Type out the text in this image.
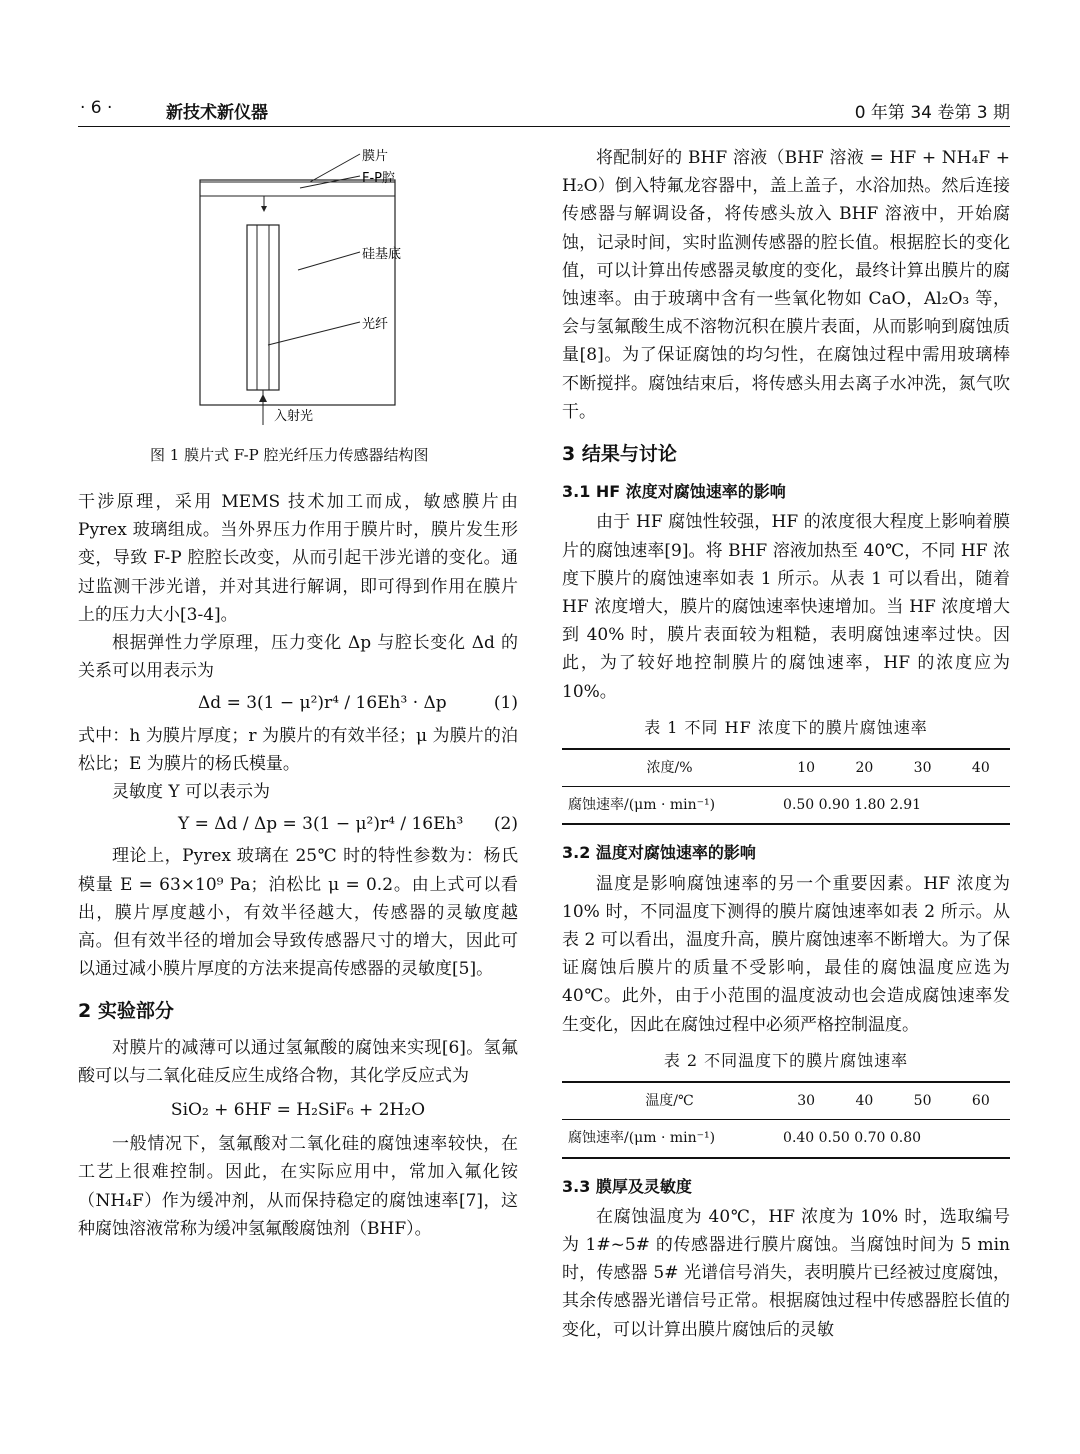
· 6 ·	新技术新仪器	0 年第 34 卷第 3 期
膜片
F-P腔
硅基底
光纤
入射光
图 1 膜片式 F-P 腔光纤压力传感器结构图

干涉原理，采用 MEMS 技术加工而成，敏感膜片由 Pyrex 玻璃组成。当外界压力作用于膜片时，膜片发生形变，导致 F-P 腔腔长改变，从而引起干涉光谱的变化。通过监测干涉光谱，并对其进行解调，即可得到作用在膜片上的压力大小[3-4]。

根据弹性力学原理，压力变化 Δp 与腔长变化 Δd 的关系可以用表示为

Δd = 3(1 − μ²)r⁴ / 16Eh³ · Δp	(1)

式中：h 为膜片厚度；r 为膜片的有效半径；μ 为膜片的泊松比；E 为膜片的杨氏模量。

灵敏度 Y 可以表示为

Y = Δd / Δp = 3(1 − μ²)r⁴ / 16Eh³ (2)

理论上，Pyrex 玻璃在 25℃ 时的特性参数为：杨氏模量 E = 63×10⁹ Pa；泊松比 μ = 0.2。由上式可以看出，膜片厚度越小，有效半径越大，传感器的灵敏度越高。但有效半径的增加会导致传感器尺寸的增大，因此可以通过减小膜片厚度的方法来提高传感器的灵敏度[5]。

2 实验部分

对膜片的减薄可以通过氢氟酸的腐蚀来实现[6]。氢氟酸可以与二氧化硅反应生成络合物，其化学反应式为

SiO₂ + 6HF = H₂SiF₆ + 2H₂O

一般情况下，氢氟酸对二氧化硅的腐蚀速率较快，在工艺上很难控制。因此，在实际应用中，常加入氟化铵（NH₄F）作为缓冲剂，从而保持稳定的腐蚀速率[7]，这种腐蚀溶液常称为缓冲氢氟酸腐蚀剂（BHF）。

将配制好的 BHF 溶液（BHF 溶液 = HF + NH₄F + H₂O）倒入特氟龙容器中，盖上盖子，水浴加热。然后连接传感器与解调设备，将传感头放入 BHF 溶液中，开始腐蚀，记录时间，实时监测传感器的腔长值。根据腔长的变化值，可以计算出传感器灵敏度的变化，最终计算出膜片的腐蚀速率。由于玻璃中含有一些氧化物如 CaO，Al₂O₃ 等，会与氢氟酸生成不溶物沉积在膜片表面，从而影响到腐蚀质量[8]。为了保证腐蚀的均匀性，在腐蚀过程中需用玻璃棒不断搅拌。腐蚀结束后，将传感头用去离子水冲洗，氮气吹干。

3 结果与讨论
3.1 HF 浓度对腐蚀速率的影响

由于 HF 腐蚀性较强，HF 的浓度很大程度上影响着膜片的腐蚀速率[9]。将 BHF 溶液加热至 40℃，不同 HF 浓度下膜片的腐蚀速率如表 1 所示。从表 1 可以看出，随着 HF 浓度增大，膜片的腐蚀速率快速增加。当 HF 浓度增大到 40% 时，膜片表面较为粗糙，表明腐蚀速率过快。因此，为了较好地控制膜片的腐蚀速率，HF 的浓度应为 10%。

表 1 不同 HF 浓度下的膜片腐蚀速率
浓度/%	10	20	30	40
腐蚀速率/(μm · min⁻¹)	0.50 0.90 1.80 2.91			
3.2 温度对腐蚀速率的影响

温度是影响腐蚀速率的另一个重要因素。HF 浓度为 10% 时，不同温度下测得的膜片腐蚀速率如表 2 所示。从表 2 可以看出，温度升高，膜片腐蚀速率不断增大。为了保证腐蚀后膜片的质量不受影响，最佳的腐蚀温度应选为 40℃。此外，由于小范围的温度波动也会造成腐蚀速率发生变化，因此在腐蚀过程中必须严格控制温度。

表 2 不同温度下的膜片腐蚀速率
温度/℃	30	40	50	60
腐蚀速率/(μm · min⁻¹)	0.40 0.50 0.70 0.80			
3.3 膜厚及灵敏度

在腐蚀温度为 40℃，HF 浓度为 10% 时，选取编号为 1#~5# 的传感器进行膜片腐蚀。当腐蚀时间为 5 min 时，传感器 5# 光谱信号消失，表明膜片已经被过度腐蚀，其余传感器光谱信号正常。根据腐蚀过程中传感器腔长值的变化，可以计算出膜片腐蚀后的灵敏
